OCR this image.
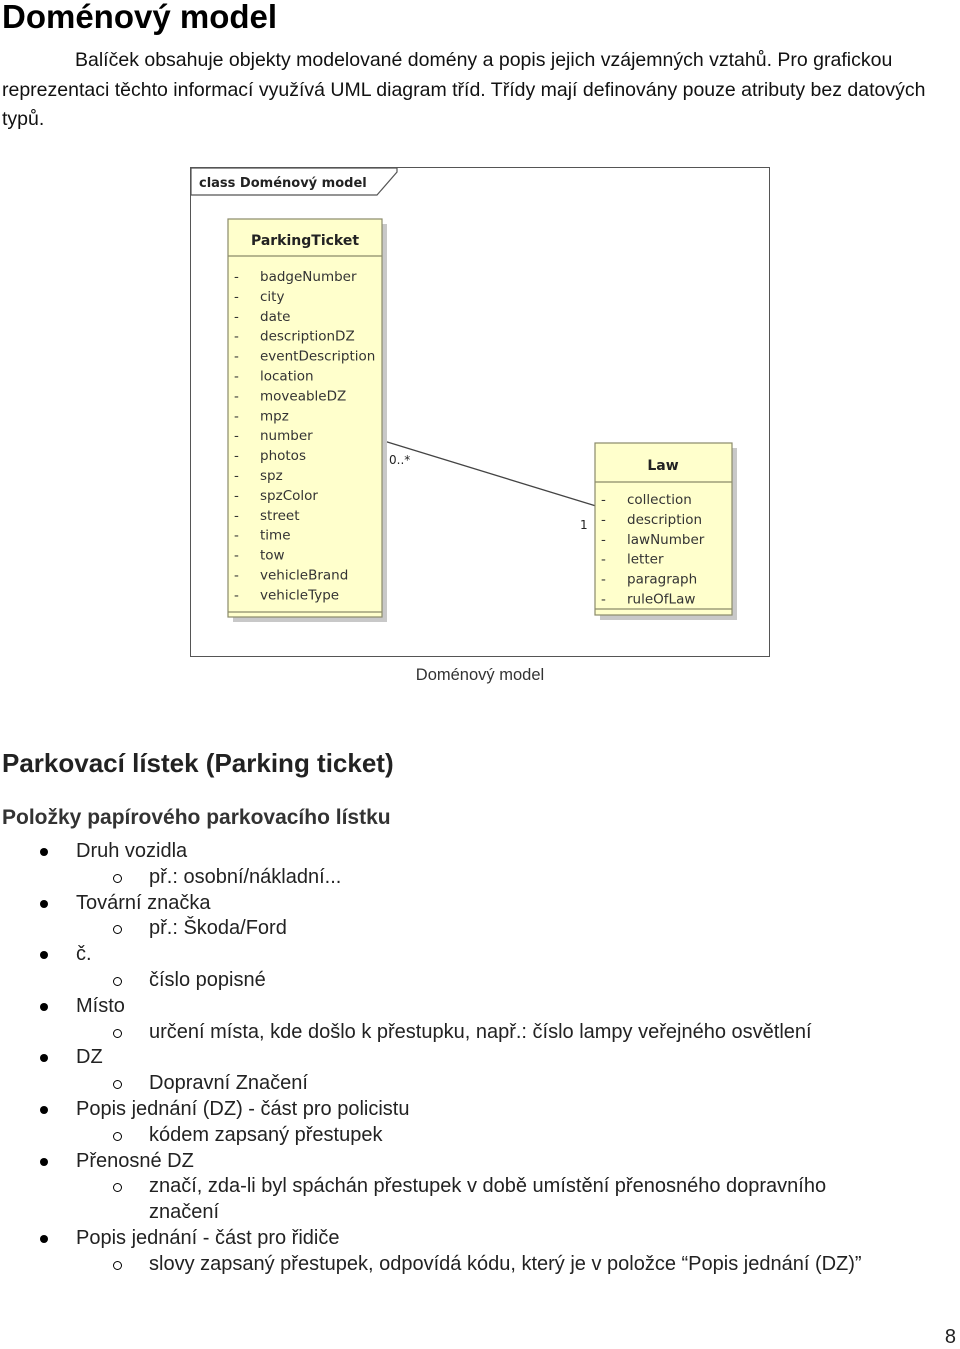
Doménový model

Balíček obsahuje objekty modelované domény a popis jejich vzájemných vztahů. Pro grafickou reprezentaci těchto informací využívá UML diagram tříd. Třídy mají definovány pouze atributy bez datových typů.

class Doménový model
0..*
1
ParkingTicket
- badgeNumber
- city
- date
- descriptionDZ
- eventDescription
- location
- moveableDZ
- mpz
- number
- photos
- spz
- spzColor
- street
- time
- tow
- vehicleBrand
- vehicleType
Law
- collection
- description
- lawNumber
- letter
- paragraph
- ruleOfLaw
Doménový model
Parkovací lístek (Parking ticket)
Položky papírového parkovacího lístku
Druh vozidla
př.: osobní/nákladní...
Tovární značka
př.: Škoda/Ford
č.
číslo popisné
Místo
určení místa, kde došlo k přestupku, např.: číslo lampy veřejného osvětlení
DZ
Dopravní Značení
Popis jednání (DZ) - část pro policistu
kódem zapsaný přestupek
Přenosné DZ
značí, zda-li byl spáchán přestupek v době umístění přenosného dopravního
značení
Popis jednání - část pro řidiče
slovy zapsaný přestupek, odpovídá kódu, který je v položce “Popis jednání (DZ)”
8
